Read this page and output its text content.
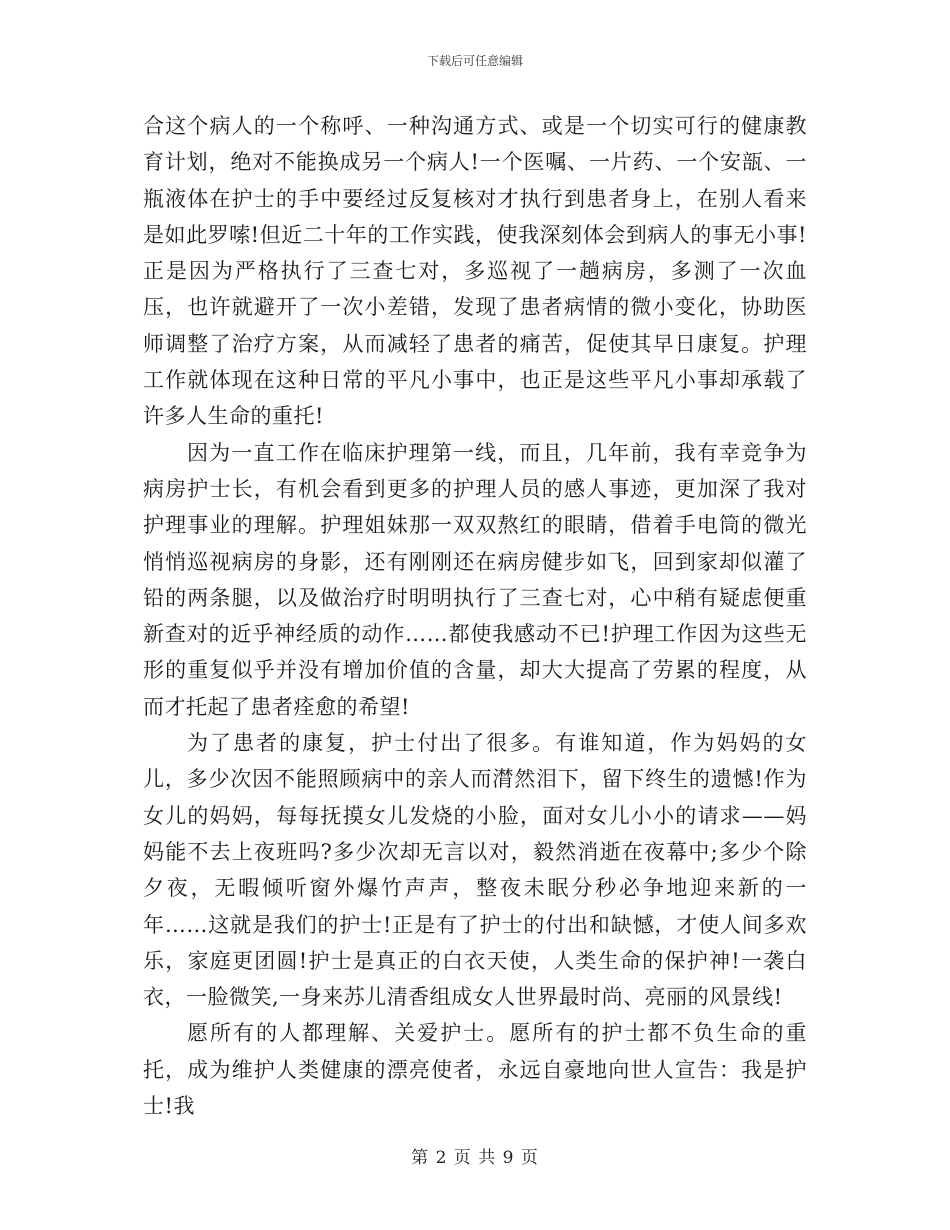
下载后可任意编辑

合这个病人的一个称呼、一种沟通方式、或是一个切实可行的健康教育计划，绝对不能换成另一个病人!一个医嘱、一片药、一个安瓿、一瓶液体在护士的手中要经过反复核对才执行到患者身上，在别人看来是如此罗嗦!但近二十年的工作实践，使我深刻体会到病人的事无小事!正是因为严格执行了三查七对，多巡视了一趟病房，多测了一次血压，也许就避开了一次小差错，发现了患者病情的微小变化，协助医师调整了治疗方案，从而减轻了患者的痛苦，促使其早日康复。护理工作就体现在这种日常的平凡小事中，也正是这些平凡小事却承载了许多人生命的重托!

因为一直工作在临床护理第一线，而且，几年前，我有幸竞争为病房护士长，有机会看到更多的护理人员的感人事迹，更加深了我对护理事业的理解。护理姐妹那一双双熬红的眼睛，借着手电筒的微光悄悄巡视病房的身影，还有刚刚还在病房健步如飞，回到家却似灌了铅的两条腿，以及做治疗时明明执行了三查七对，心中稍有疑虑便重新查对的近乎神经质的动作……都使我感动不已!护理工作因为这些无形的重复似乎并没有增加价值的含量，却大大提高了劳累的程度，从而才托起了患者痊愈的希望!

为了患者的康复，护士付出了很多。有谁知道，作为妈妈的女儿，多少次因不能照顾病中的亲人而潸然泪下，留下终生的遗憾!作为女儿的妈妈，每每抚摸女儿发烧的小脸，面对女儿小小的请求——妈妈能不去上夜班吗?多少次却无言以对，毅然消逝在夜幕中;多少个除夕夜，无暇倾听窗外爆竹声声，整夜未眠分秒必争地迎来新的一年……这就是我们的护士!正是有了护士的付出和缺憾，才使人间多欢乐，家庭更团圆!护士是真正的白衣天使，人类生命的保护神!一袭白衣，一脸微笑,一身来苏儿清香组成女人世界最时尚、亮丽的风景线!

愿所有的人都理解、关爱护士。愿所有的护士都不负生命的重托，成为维护人类健康的漂亮使者，永远自豪地向世人宣告：我是护士!我

第 2 页 共 9 页
